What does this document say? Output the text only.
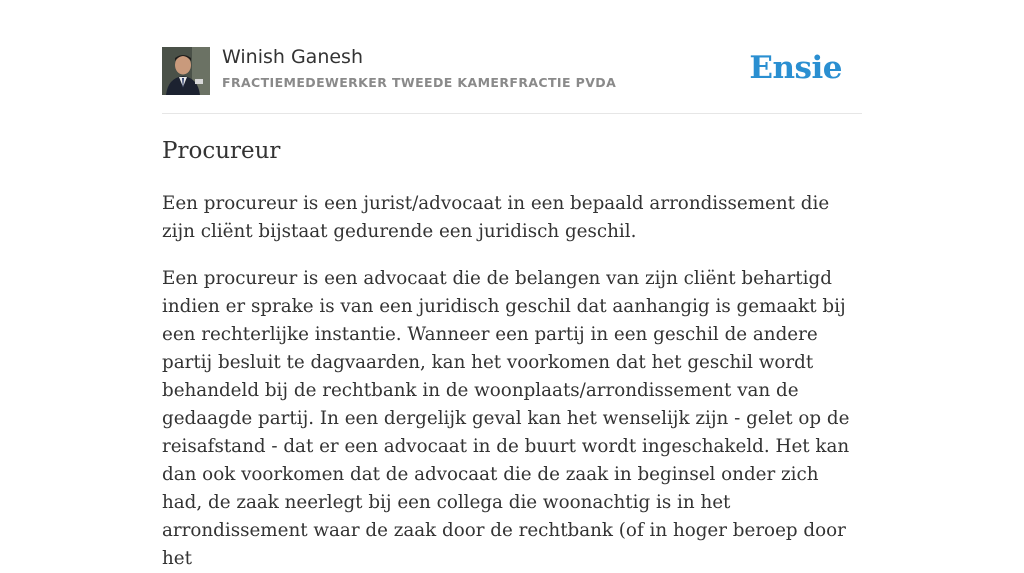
Winish Ganesh
FRACTIEMEDEWERKER TWEEDE KAMERFRACTIE PVDA	Ensie
Procureur

Een procureur is een jurist/advocaat in een bepaald arrondissement die zijn cliënt bijstaat gedurende een juridisch geschil.

Een procureur is een advocaat die de belangen van zijn cliënt behartigd indien er sprake is van een juridisch geschil dat aanhangig is gemaakt bij een rechterlijke instantie. Wanneer een partij in een geschil de andere partij besluit te dagvaarden, kan het voorkomen dat het geschil wordt behandeld bij de rechtbank in de woonplaats/arrondissement van de gedaagde partij. In een dergelijk geval kan het wenselijk zijn - gelet op de reisafstand - dat er een advocaat in de buurt wordt ingeschakeld. Het kan dan ook voorkomen dat de advocaat die de zaak in beginsel onder zich had, de zaak neerlegt bij een collega die woonachtig is in het arrondissement waar de zaak door de rechtbank (of in hoger beroep door het
